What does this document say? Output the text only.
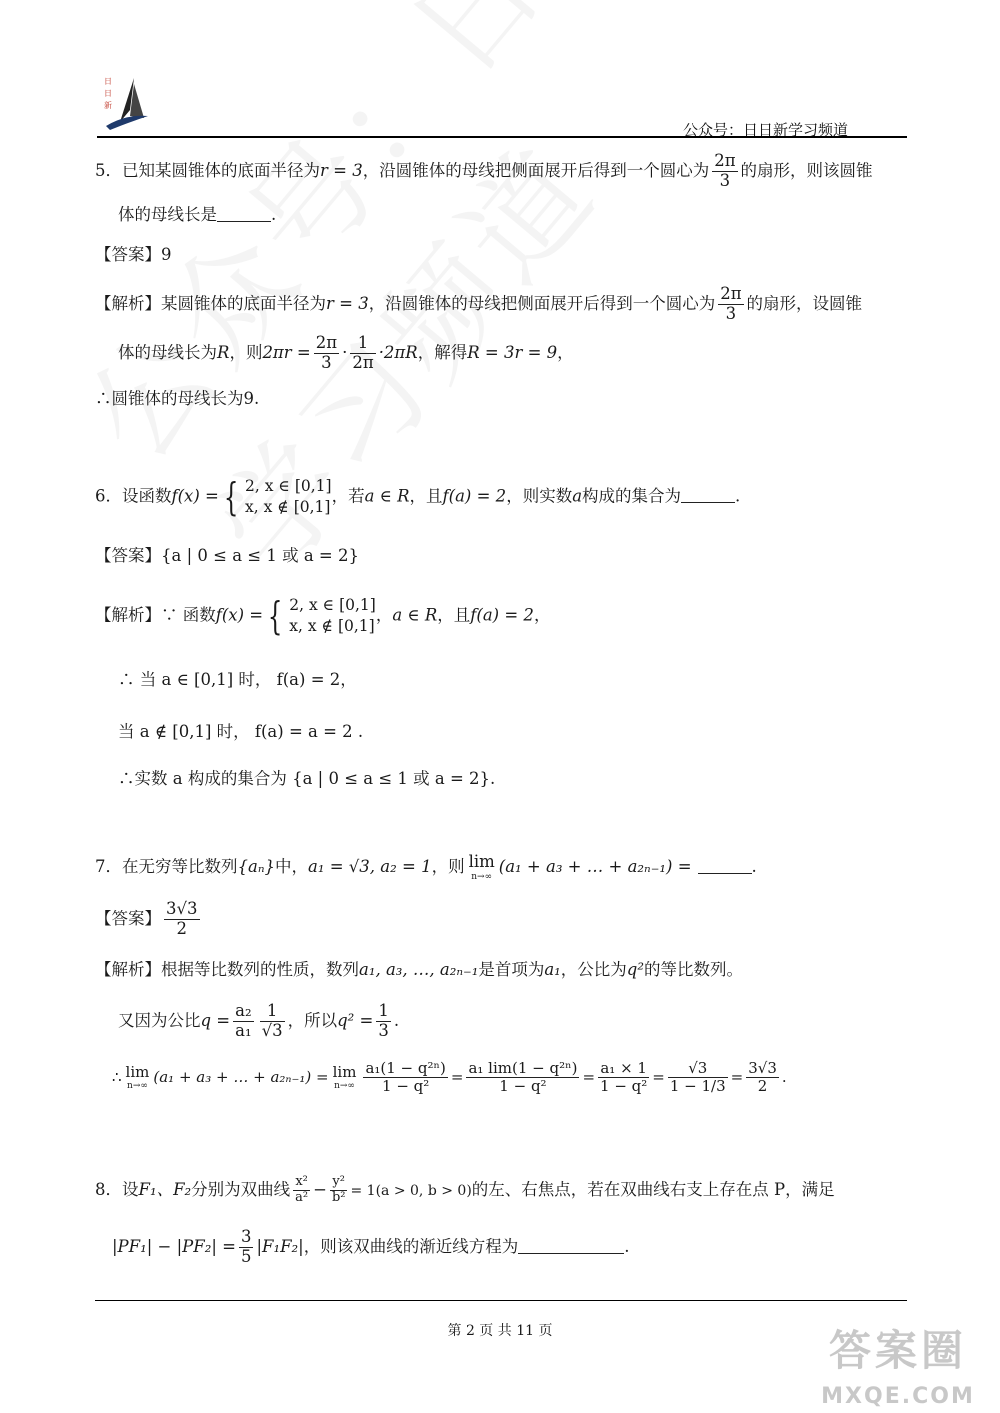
日
日
新
公众号：日日新学习频道
5．已知某圆锥体的底面半径为r = 3，沿圆锥体的母线把侧面展开后得到一个圆心为 $\frac{2\pi}{3}$ 的扇形，则该圆锥
体的母线长是	.
【答案】9
【解析】某圆锥体的底面半径为r = 3，沿圆锥体的母线把侧面展开后得到一个圆心为 $\frac{2\pi}{3}$ 的扇形，设圆锥
体的母线长为R，则$2\pi r = \frac{2\pi}{3} \cdot \frac{1}{2\pi} \cdot 2\pi R$，解得R = 3r = 9，
∴圆锥体的母线长为9.
6．设函数f(x) = { 2, x ∈ [0,1]
x, x ∉ [0,1]
，若a ∈ R，且f(a) = 2，则实数a构成的集合为	.
【答案】{a | 0 ≤ a ≤ 1 或 a = 2}
【解析】∵ 函数f(x) = { 2, x ∈ [0,1]
x, x ∉ [0,1]
，a ∈ R，且f(a) = 2，
∴ 当 a ∈ [0,1] 时， f(a) = 2，
当 a ∉ [0,1] 时， f(a) = a = 2 .
∴实数 a 构成的集合为 {a | 0 ≤ a ≤ 1 或 a = 2}.
7．在无穷等比数列{aₙ}中，a₁ = √3, a₂ = 1，则 lim
n→∞
(a₁ + a₃ + … + a₂ₙ₋₁) =	.
【答案】 $\frac{3√3}{2}$
【解析】根据等比数列的性质，数列a₁, a₃, …, a₂ₙ₋₁是首项为a₁，公比为q²的等比数列。
又因为公比$q = \frac{\text{a₂}}{\text{a₁}} \frac{1}{√3}$ ，所以$q^2 = \frac{1}{3}$ .
∴ lim
n→∞
(a₁ + a₃ + … + a₂ₙ₋₁) = lim
$n\to\infty \frac{\text{a₁(1 − q²ⁿ)}}{\text{1 − q²}} = \frac{\text{a₁ lim(1 − q²ⁿ)}}{\text{1 − q²}} = \frac{\text{a₁ × 1}}{\text{1 − q²}} = \frac{√3}{1 - 1/3} = \frac{3√3}{2}$ .
8．设F₁、F₂分别为双曲线 $\frac{\text{x²}}{\text{a²}} - \frac{\text{y²}}{\text{b²}} = 1(a > 0$, b > 0)的左、右焦点，若在双曲线右支上存在点 P，满足
$|PF_1| - |PF_2| = \frac{3}{5} |F_1F_2|$，则该双曲线的渐近线方程为	.
第 2 页 共 11 页	答案圈
MXQE.COM
